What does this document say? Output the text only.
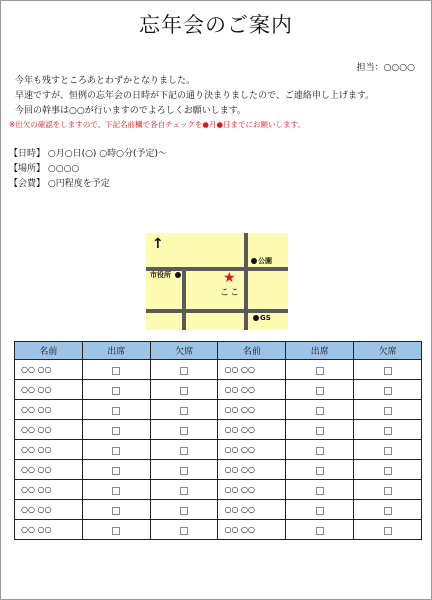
忘年会のご案内
担当：○○○○
今年も残すところあとわずかとなりました。
早速ですが、恒例の忘年会の日時が下記の通り決まりましたので、ご連絡申し上げます。
今回の幹事は○○が行いますのでよろしくお願いします。
※出欠の確認をしますので、下記名前欄で各自チェックを●月●日までにお願いします。
【日時】 ○月○日(○) ○時○分(予定)～
【場所】 ○○○○
【会費】 ○円程度を予定
↑
市役所
公園
GS
★
ここ
名前	出席	欠席	名前	出席	欠席
○○ ○○			○○ ○○		
○○ ○○			○○ ○○		
○○ ○○			○○ ○○		
○○ ○○			○○ ○○		
○○ ○○			○○ ○○		
○○ ○○			○○ ○○		
○○ ○○			○○ ○○		
○○ ○○			○○ ○○		
○○ ○○			○○ ○○		
